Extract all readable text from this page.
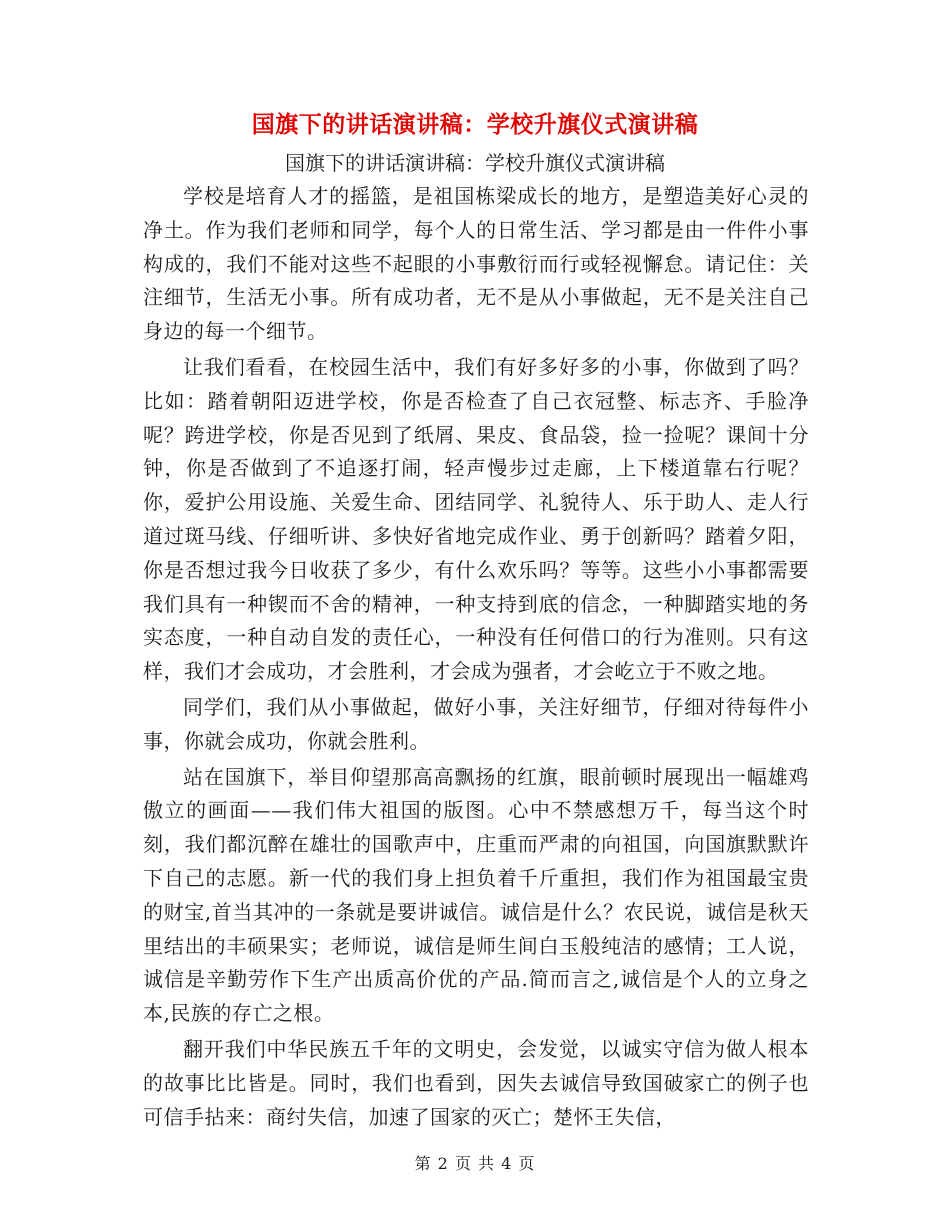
国旗下的讲话演讲稿：学校升旗仪式演讲稿
国旗下的讲话演讲稿：学校升旗仪式演讲稿

学校是培育人才的摇篮，是祖国栋梁成长的地方，是塑造美好心灵的净土。作为我们老师和同学，每个人的日常生活、学习都是由一件件小事构成的，我们不能对这些不起眼的小事敷衍而行或轻视懈怠。请记住：关注细节，生活无小事。所有成功者，无不是从小事做起，无不是关注自己身边的每一个细节。

让我们看看，在校园生活中，我们有好多好多的小事，你做到了吗？比如：踏着朝阳迈进学校，你是否检查了自己衣冠整、标志齐、手脸净呢？跨进学校，你是否见到了纸屑、果皮、食品袋，捡一捡呢？课间十分钟，你是否做到了不追逐打闹，轻声慢步过走廊，上下楼道靠右行呢？你，爱护公用设施、关爱生命、团结同学、礼貌待人、乐于助人、走人行道过斑马线、仔细听讲、多快好省地完成作业、勇于创新吗？踏着夕阳，你是否想过我今日收获了多少，有什么欢乐吗？等等。这些小小事都需要我们具有一种锲而不舍的精神，一种支持到底的信念，一种脚踏实地的务实态度，一种自动自发的责任心，一种没有任何借口的行为准则。只有这样，我们才会成功，才会胜利，才会成为强者，才会屹立于不败之地。

同学们，我们从小事做起，做好小事，关注好细节，仔细对待每件小事，你就会成功，你就会胜利。

站在国旗下，举目仰望那高高飘扬的红旗，眼前顿时展现出一幅雄鸡傲立的画面——我们伟大祖国的版图。心中不禁感想万千，每当这个时刻，我们都沉醉在雄壮的国歌声中，庄重而严肃的向祖国，向国旗默默许下自己的志愿。新一代的我们身上担负着千斤重担，我们作为祖国最宝贵的财宝,首当其冲的一条就是要讲诚信。诚信是什么？农民说，诚信是秋天里结出的丰硕果实；老师说，诚信是师生间白玉般纯洁的感情；工人说，诚信是辛勤劳作下生产出质高价优的产品.简而言之,诚信是个人的立身之本,民族的存亡之根。

翻开我们中华民族五千年的文明史，会发觉，以诚实守信为做人根本的故事比比皆是。同时，我们也看到，因失去诚信导致国破家亡的例子也可信手拈来：商纣失信，加速了国家的灭亡；楚怀王失信，

第 2 页 共 4 页
